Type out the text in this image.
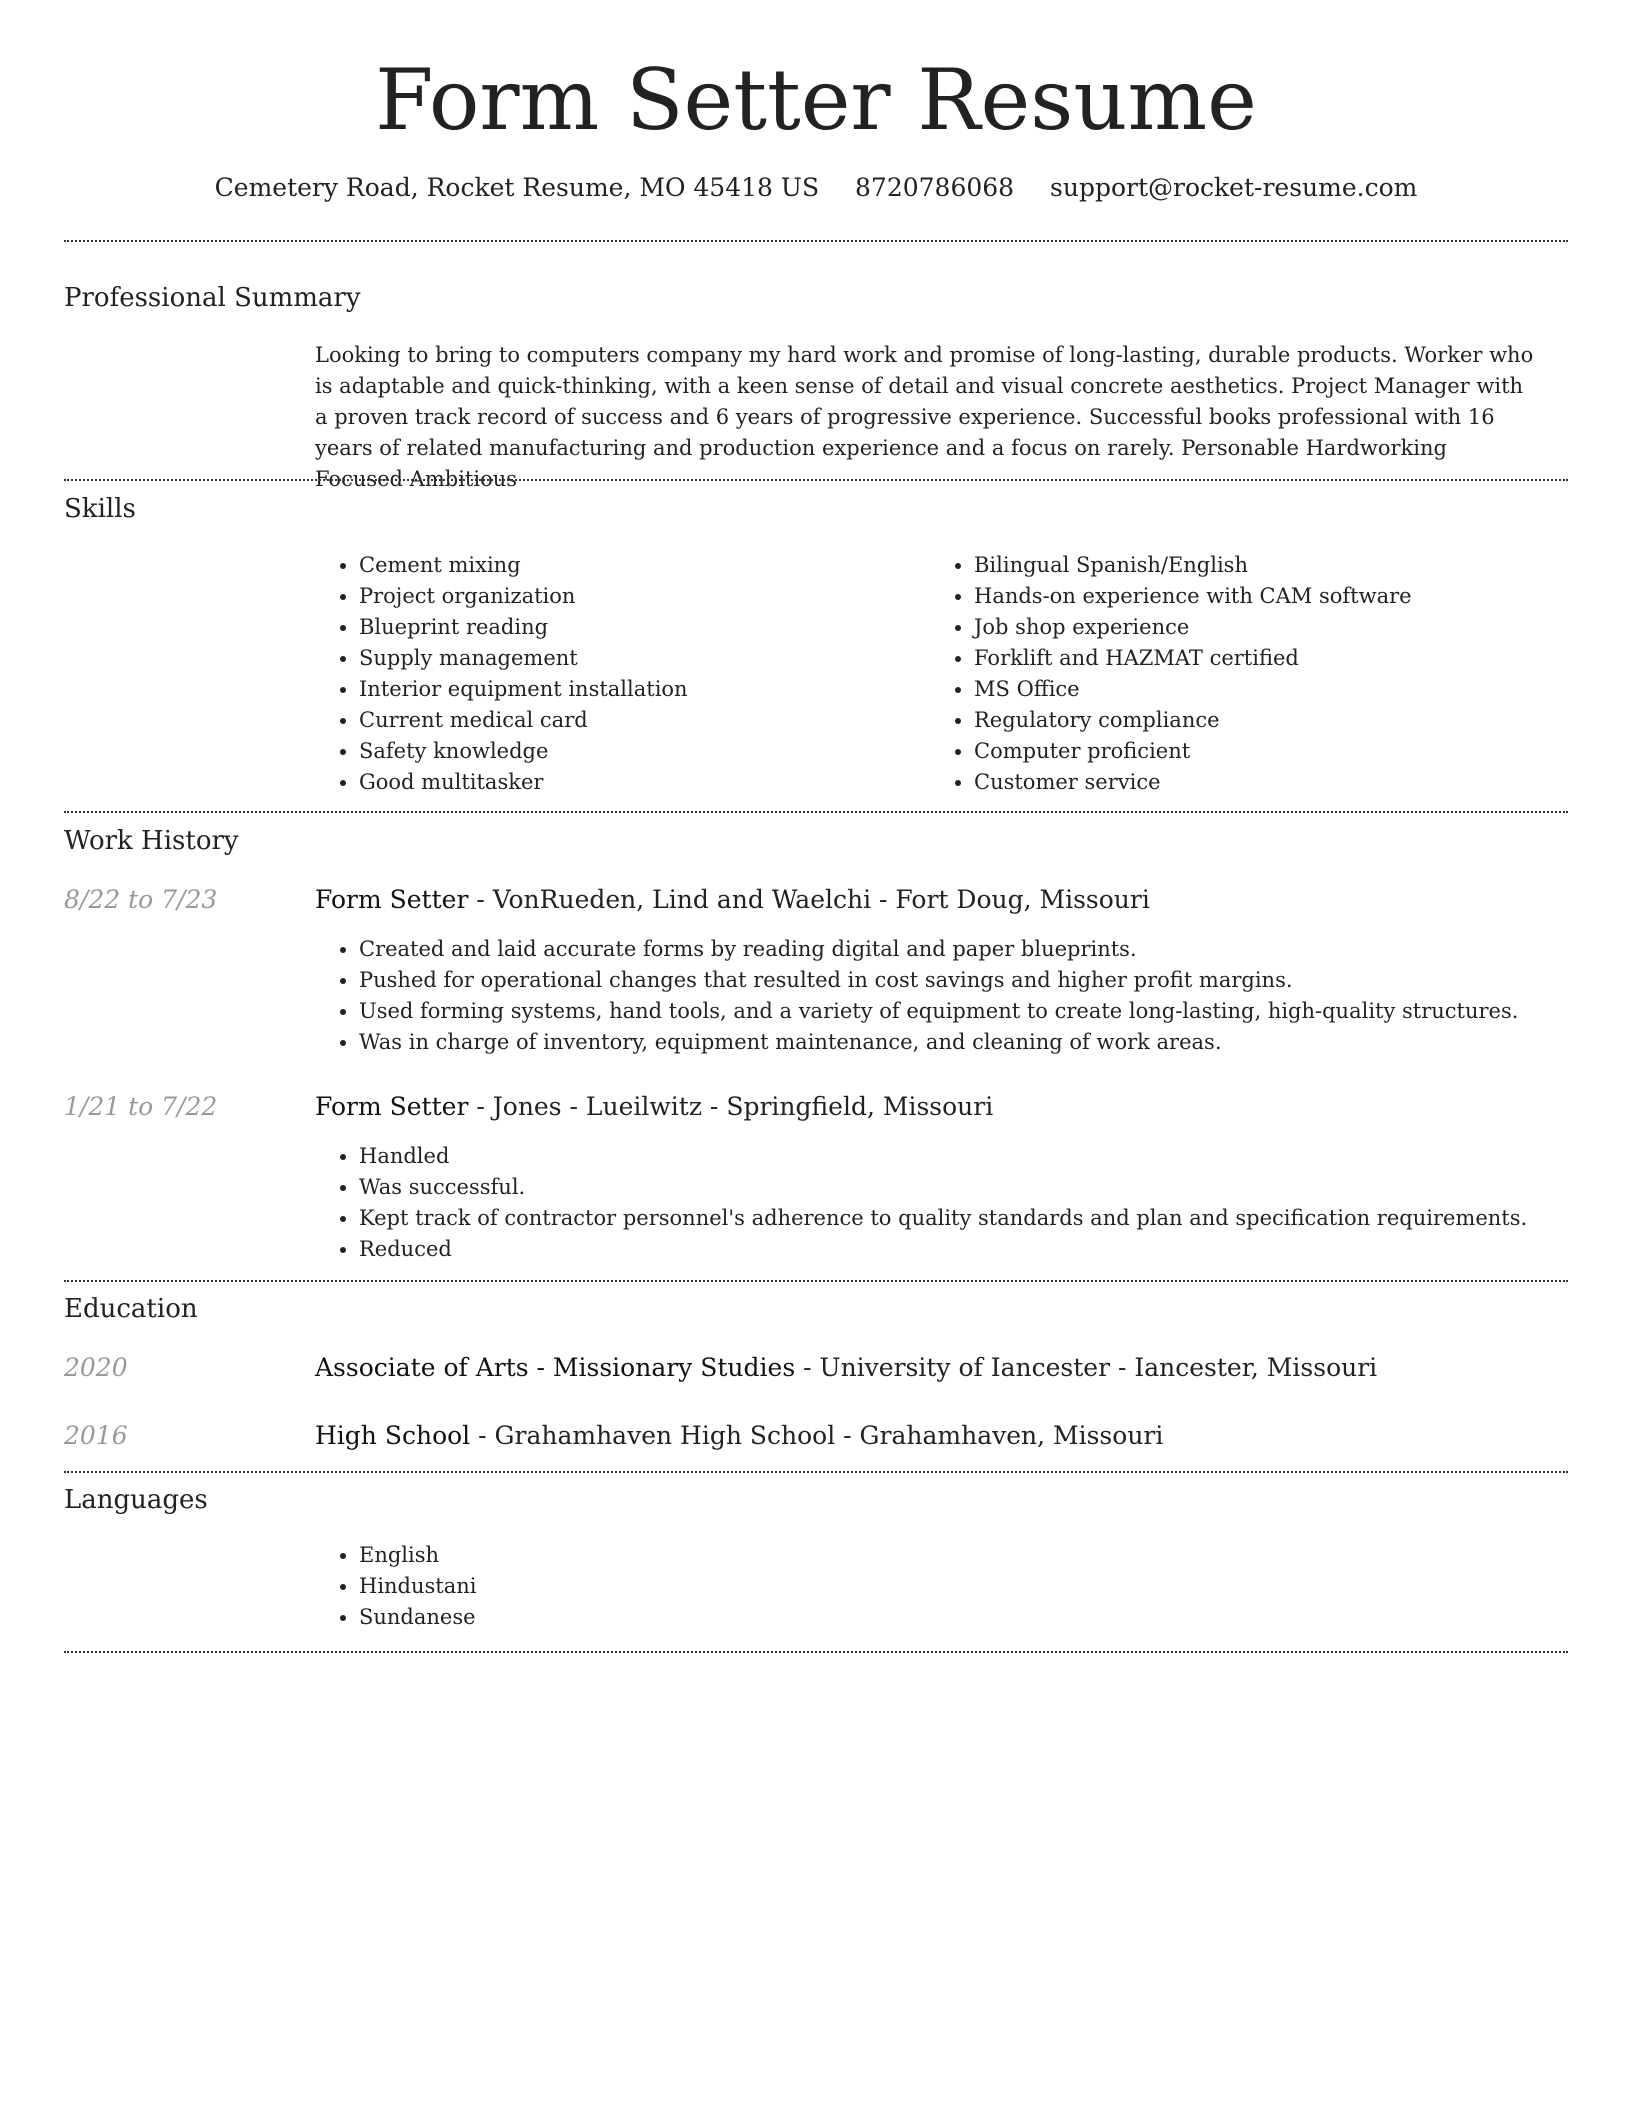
Form Setter Resume
Cemetery Road, Rocket Resume, MO 45418 US 8720786068 support@rocket-resume.com
Professional Summary
Looking to bring to computers company my hard work and promise of long-lasting, durable products. Worker who is adaptable and quick-thinking, with a keen sense of detail and visual concrete aesthetics. Project Manager with a proven track record of success and 6 years of progressive experience. Successful books professional with 16 years of related manufacturing and production experience and a focus on rarely. Personable Hardworking Focused Ambitious
Skills
• Cement mixing
• Project organization
• Blueprint reading
• Supply management
• Interior equipment installation
• Current medical card
• Safety knowledge
• Good multitasker
• Bilingual Spanish/English
• Hands-on experience with CAM software
• Job shop experience
• Forklift and HAZMAT certified
• MS Office
• Regulatory compliance
• Computer proficient
• Customer service
Work History
8/22 to 7/23	Form Setter - VonRueden, Lind and Waelchi - Fort Doug, Missouri
• Created and laid accurate forms by reading digital and paper blueprints.
• Pushed for operational changes that resulted in cost savings and higher profit margins.
• Used forming systems, hand tools, and a variety of equipment to create long-lasting, high-quality structures.
• Was in charge of inventory, equipment maintenance, and cleaning of work areas.
1/21 to 7/22	Form Setter - Jones - Lueilwitz - Springfield, Missouri
• Handled
• Was successful.
• Kept track of contractor personnel's adherence to quality standards and plan and specification requirements.
• Reduced
Education
2020	Associate of Arts - Missionary Studies - University of Iancester - Iancester, Missouri
2016	High School - Grahamhaven High School - Grahamhaven, Missouri
Languages
• English
• Hindustani
• Sundanese
